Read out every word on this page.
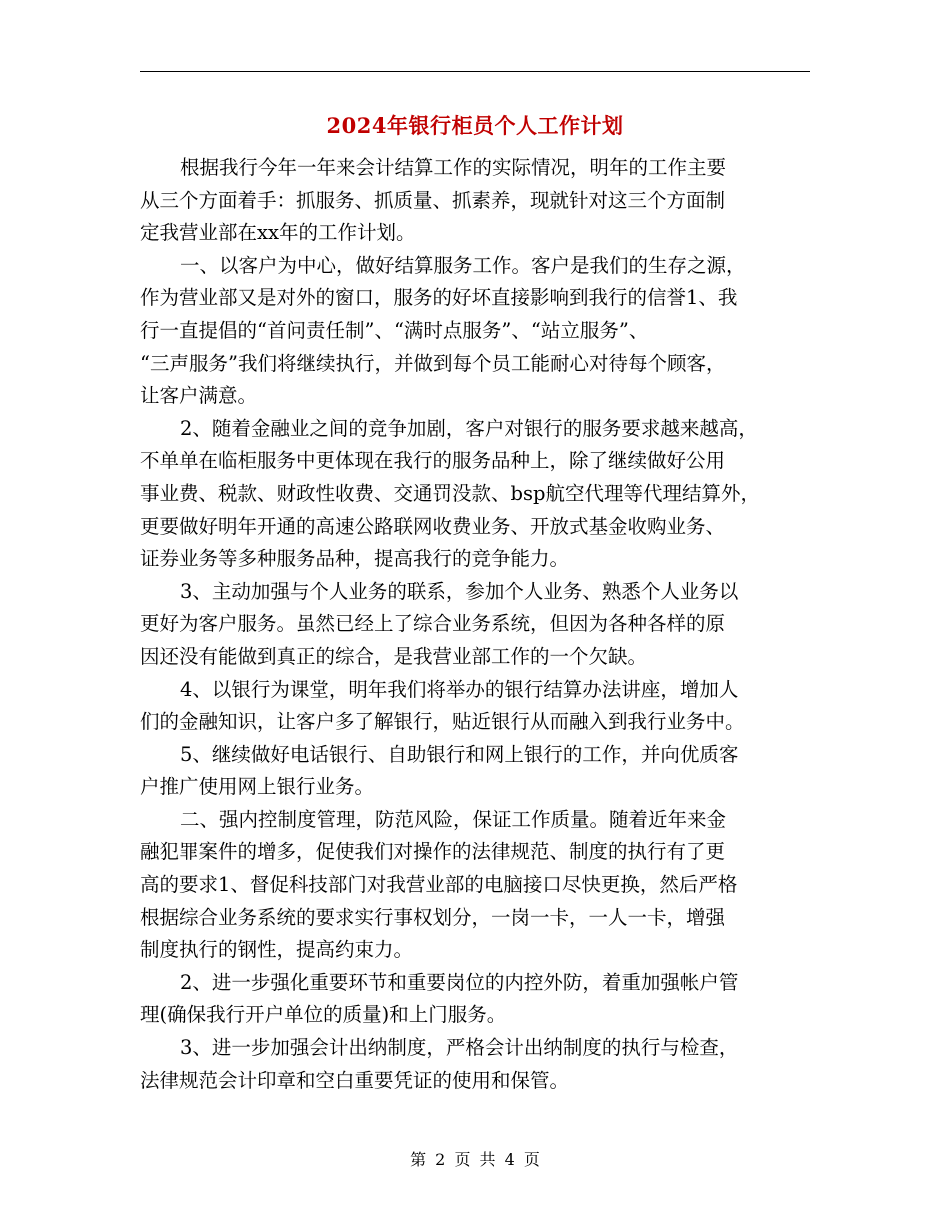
2024年银行柜员个人工作计划
根据我行今年一年来会计结算工作的实际情况，明年的工作主要
从三个方面着手：抓服务、抓质量、抓素养，现就针对这三个方面制
定我营业部在xx年的工作计划。
一、以客户为中心，做好结算服务工作。客户是我们的生存之源，
作为营业部又是对外的窗口，服务的好坏直接影响到我行的信誉1、我
行一直提倡的“首问责任制”、“满时点服务”、“站立服务”、
“三声服务”我们将继续执行，并做到每个员工能耐心对待每个顾客，
让客户满意。
2、随着金融业之间的竞争加剧，客户对银行的服务要求越来越高，
不单单在临柜服务中更体现在我行的服务品种上，除了继续做好公用
事业费、税款、财政性收费、交通罚没款、bsp航空代理等代理结算外，
更要做好明年开通的高速公路联网收费业务、开放式基金收购业务、
证券业务等多种服务品种，提高我行的竞争能力。
3、主动加强与个人业务的联系，参加个人业务、熟悉个人业务以
更好为客户服务。虽然已经上了综合业务系统，但因为各种各样的原
因还没有能做到真正的综合，是我营业部工作的一个欠缺。
4、以银行为课堂，明年我们将举办的银行结算办法讲座，增加人
们的金融知识，让客户多了解银行，贴近银行从而融入到我行业务中。
5、继续做好电话银行、自助银行和网上银行的工作，并向优质客
户推广使用网上银行业务。
二、强内控制度管理，防范风险，保证工作质量。随着近年来金
融犯罪案件的增多，促使我们对操作的法律规范、制度的执行有了更
高的要求1、督促科技部门对我营业部的电脑接口尽快更换，然后严格
根据综合业务系统的要求实行事权划分，一岗一卡，一人一卡，增强
制度执行的钢性，提高约束力。
2、进一步强化重要环节和重要岗位的内控外防，着重加强帐户管
理(确保我行开户单位的质量)和上门服务。
3、进一步加强会计出纳制度，严格会计出纳制度的执行与检查，
法律规范会计印章和空白重要凭证的使用和保管。
第 2 页 共 4 页
